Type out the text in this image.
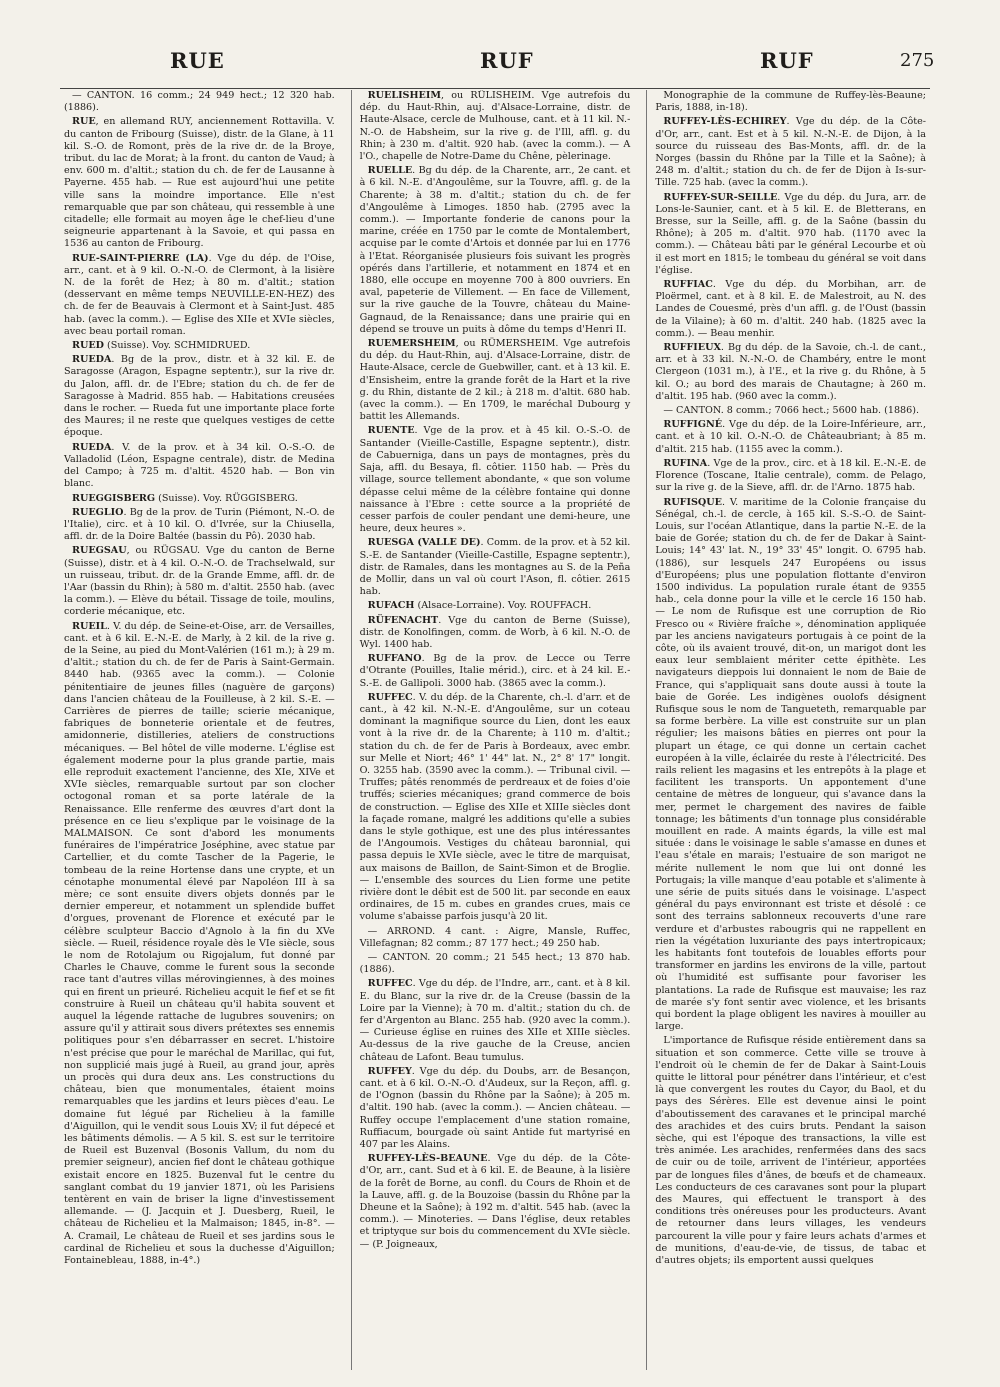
RUE	RUF	RUF	275

— CANTON. 16 comm.; 24 949 hect.; 12 320 hab. (1886).

RUE, en allemand RUY, anciennement Rottavilla. V. du canton de Fribourg (Suisse), distr. de la Glane, à 11 kil. S.-O. de Romont, près de la rive dr. de la Broye, tribut. du lac de Morat; à la front. du canton de Vaud; à env. 600 m. d'altit.; station du ch. de fer de Lausanne à Payerne. 455 hab. — Rue est aujourd'hui une petite ville sans la moindre importance. Elle n'est remarquable que par son château, qui ressemble à une citadelle; elle formait au moyen âge le chef-lieu d'une seigneurie appartenant à la Savoie, et qui passa en 1536 au canton de Fribourg.

RUE-SAINT-PIERRE (LA). Vge du dép. de l'Oise, arr., cant. et à 9 kil. O.-N.-O. de Clermont, à la lisière N. de la forêt de Hez; à 80 m. d'altit.; station (desservant en même temps NEUVILLE-EN-HEZ) des ch. de fer de Beauvais à Clermont et à Saint-Just. 485 hab. (avec la comm.). — Eglise des XIIe et XVIe siècles, avec beau portail roman.

RUED (Suisse). Voy. SCHMIDRUED.

RUEDA. Bg de la prov., distr. et à 32 kil. E. de Saragosse (Aragon, Espagne septentr.), sur la rive dr. du Jalon, affl. dr. de l'Ebre; station du ch. de fer de Saragosse à Madrid. 855 hab. — Habitations creusées dans le rocher. — Rueda fut une importante place forte des Maures; il ne reste que quelques vestiges de cette époque.

RUEDA. V. de la prov. et à 34 kil. O.-S.-O. de Valladolid (Léon, Espagne centrale), distr. de Medina del Campo; à 725 m. d'altit. 4520 hab. — Bon vin blanc.

RUEGGISBERG (Suisse). Voy. RÜGGISBERG.

RUEGLIO. Bg de la prov. de Turin (Piémont, N.-O. de l'Italie), circ. et à 10 kil. O. d'Ivrée, sur la Chiusella, affl. dr. de la Doire Baltée (bassin du Pô). 2030 hab.

RUEGSAU, ou RÜGSAU. Vge du canton de Berne (Suisse), distr. et à 4 kil. O.-N.-O. de Trachselwald, sur un ruisseau, tribut. dr. de la Grande Emme, affl. dr. de l'Aar (bassin du Rhin); à 580 m. d'altit. 2550 hab. (avec la comm.). — Elève du bétail. Tissage de toile, moulins, corderie mécanique, etc.

RUEIL. V. du dép. de Seine-et-Oise, arr. de Versailles, cant. et à 6 kil. E.-N.-E. de Marly, à 2 kil. de la rive g. de la Seine, au pied du Mont-Valérien (161 m.); à 29 m. d'altit.; station du ch. de fer de Paris à Saint-Germain. 8440 hab. (9365 avec la comm.). — Colonie pénitentiaire de jeunes filles (naguère de garçons) dans l'ancien château de la Fouilleuse, à 2 kil. S.-E. — Carrières de pierres de taille; scierie mécanique, fabriques de bonneterie orientale et de feutres, amidonnerie, distilleries, ateliers de constructions mécaniques. — Bel hôtel de ville moderne. L'église est également moderne pour la plus grande partie, mais elle reproduit exactement l'ancienne, des XIe, XIVe et XVIe siècles, remarquable surtout par son clocher octogonal roman et sa porte latérale de la Renaissance. Elle renferme des œuvres d'art dont la présence en ce lieu s'explique par le voisinage de la MALMAISON. Ce sont d'abord les monuments funéraires de l'impératrice Joséphine, avec statue par Cartellier, et du comte Tascher de la Pagerie, le tombeau de la reine Hortense dans une crypte, et un cénotaphe monumental élevé par Napoléon III à sa mère; ce sont ensuite divers objets donnés par le dernier empereur, et notamment un splendide buffet d'orgues, provenant de Florence et exécuté par le célèbre sculpteur Baccio d'Agnolo à la fin du XVe siècle. — Rueil, résidence royale dès le VIe siècle, sous le nom de Rotolajum ou Rigojalum, fut donné par Charles le Chauve, comme le furent sous la seconde race tant d'autres villas mérovingiennes, à des moines qui en firent un prieuré. Richelieu acquit le fief et se fit construire à Rueil un château qu'il habita souvent et auquel la légende rattache de lugubres souvenirs; on assure qu'il y attirait sous divers prétextes ses ennemis politiques pour s'en débarrasser en secret. L'histoire n'est précise que pour le maréchal de Marillac, qui fut, non supplicié mais jugé à Rueil, au grand jour, après un procès qui dura deux ans. Les constructions du château, bien que monumentales, étaient moins remarquables que les jardins et leurs pièces d'eau. Le domaine fut légué par Richelieu à la famille d'Aiguillon, qui le vendit sous Louis XV; il fut dépecé et les bâtiments démolis. — A 5 kil. S. est sur le territoire de Rueil est Buzenval (Bosonis Vallum, du nom du premier seigneur), ancien fief dont le château gothique existait encore en 1825. Buzenval fut le centre du sanglant combat du 19 janvier 1871, où les Parisiens tentèrent en vain de briser la ligne d'investissement allemande. — (J. Jacquin et J. Duesberg, Rueil, le château de Richelieu et la Malmaison; 1845, in-8°. — A. Cramail, Le château de Rueil et ses jardins sous le cardinal de Richelieu et sous la duchesse d'Aiguillon; Fontainebleau, 1888, in-4°.)

RUELISHEIM, ou RÜLISHEIM. Vge autrefois du dép. du Haut-Rhin, auj. d'Alsace-Lorraine, distr. de Haute-Alsace, cercle de Mulhouse, cant. et à 11 kil. N.-N.-O. de Habsheim, sur la rive g. de l'Ill, affl. g. du Rhin; à 230 m. d'altit. 920 hab. (avec la comm.). — A l'O., chapelle de Notre-Dame du Chêne, pèlerinage.

RUELLE. Bg du dép. de la Charente, arr., 2e cant. et à 6 kil. N.-E. d'Angoulême, sur la Touvre, affl. g. de la Charente; à 38 m. d'altit.; station du ch. de fer d'Angoulême à Limoges. 1850 hab. (2795 avec la comm.). — Importante fonderie de canons pour la marine, créée en 1750 par le comte de Montalembert, acquise par le comte d'Artois et donnée par lui en 1776 à l'Etat. Réorganisée plusieurs fois suivant les progrès opérés dans l'artillerie, et notamment en 1874 et en 1880, elle occupe en moyenne 700 à 800 ouvriers. En aval, papeterie de Villement. — En face de Villement, sur la rive gauche de la Touvre, château du Maine-Gagnaud, de la Renaissance; dans une prairie qui en dépend se trouve un puits à dôme du temps d'Henri II.

RUEMERSHEIM, ou RÜMERSHEIM. Vge autrefois du dép. du Haut-Rhin, auj. d'Alsace-Lorraine, distr. de Haute-Alsace, cercle de Guebwiller, cant. et à 13 kil. E. d'Ensisheim, entre la grande forêt de la Hart et la rive g. du Rhin, distante de 2 kil.; à 218 m. d'altit. 680 hab. (avec la comm.). — En 1709, le maréchal Dubourg y battit les Allemands.

RUENTE. Vge de la prov. et à 45 kil. O.-S.-O. de Santander (Vieille-Castille, Espagne septentr.), distr. de Cabuerniga, dans un pays de montagnes, près du Saja, affl. du Besaya, fl. côtier. 1150 hab. — Près du village, source tellement abondante, « que son volume dépasse celui même de la célèbre fontaine qui donne naissance à l'Ebre : cette source a la propriété de cesser parfois de couler pendant une demi-heure, une heure, deux heures ».

RUESGA (VALLE DE). Comm. de la prov. et à 52 kil. S.-E. de Santander (Vieille-Castille, Espagne septentr.), distr. de Ramales, dans les montagnes au S. de la Peña de Mollir, dans un val où court l'Ason, fl. côtier. 2615 hab.

RUFACH (Alsace-Lorraine). Voy. ROUFFACH.

RÜFENACHT. Vge du canton de Berne (Suisse), distr. de Konolfingen, comm. de Worb, à 6 kil. N.-O. de Wyl. 1400 hab.

RUFFANO. Bg de la prov. de Lecce ou Terre d'Otrante (Pouilles, Italie mérid.), circ. et à 24 kil. E.-S.-E. de Gallipoli. 3000 hab. (3865 avec la comm.).

RUFFEC. V. du dép. de la Charente, ch.-l. d'arr. et de cant., à 42 kil. N.-N.-E. d'Angoulême, sur un coteau dominant la magnifique source du Lien, dont les eaux vont à la rive dr. de la Charente; à 110 m. d'altit.; station du ch. de fer de Paris à Bordeaux, avec embr. sur Melle et Niort; 46° 1' 44" lat. N., 2° 8' 17" longit. O. 3255 hab. (3590 avec la comm.). — Tribunal civil. — Truffes; pâtés renommés de perdreaux et de foies d'oie truffés; scieries mécaniques; grand commerce de bois de construction. — Eglise des XIIe et XIIIe siècles dont la façade romane, malgré les additions qu'elle a subies dans le style gothique, est une des plus intéressantes de l'Angoumois. Vestiges du château baronnial, qui passa depuis le XVIe siècle, avec le titre de marquisat, aux maisons de Baillon, de Saint-Simon et de Broglie. — L'ensemble des sources du Lien forme une petite rivière dont le débit est de 500 lit. par seconde en eaux ordinaires, de 15 m. cubes en grandes crues, mais ce volume s'abaisse parfois jusqu'à 20 lit.

— ARROND. 4 cant. : Aigre, Mansle, Ruffec, Villefagnan; 82 comm.; 87 177 hect.; 49 250 hab.

— CANTON. 20 comm.; 21 545 hect.; 13 870 hab. (1886).

RUFFEC. Vge du dép. de l'Indre, arr., cant. et à 8 kil. E. du Blanc, sur la rive dr. de la Creuse (bassin de la Loire par la Vienne); à 70 m. d'altit.; station du ch. de fer d'Argenton au Blanc. 255 hab. (920 avec la comm.). — Curieuse église en ruines des XIIe et XIIIe siècles. Au-dessus de la rive gauche de la Creuse, ancien château de Lafont. Beau tumulus.

RUFFEY. Vge du dép. du Doubs, arr. de Besançon, cant. et à 6 kil. O.-N.-O. d'Audeux, sur la Reçon, affl. g. de l'Ognon (bassin du Rhône par la Saône); à 205 m. d'altit. 190 hab. (avec la comm.). — Ancien château. — Ruffey occupe l'emplacement d'une station romaine, Ruffiacum, bourgade où saint Antide fut martyrisé en 407 par les Alains.

RUFFEY-LÈS-BEAUNE. Vge du dép. de la Côte-d'Or, arr., cant. Sud et à 6 kil. E. de Beaune, à la lisière de la forêt de Borne, au confl. du Cours de Rhoin et de la Lauve, affl. g. de la Bouzoise (bassin du Rhône par la Dheune et la Saône); à 192 m. d'altit. 545 hab. (avec la comm.). — Minoteries. — Dans l'église, deux retables et triptyque sur bois du commencement du XVIe siècle. — (P. Joigneaux,

Monographie de la commune de Ruffey-lès-Beaune; Paris, 1888, in-18).

RUFFEY-LÈS-ECHIREY. Vge du dép. de la Côte-d'Or, arr., cant. Est et à 5 kil. N.-N.-E. de Dijon, à la source du ruisseau des Bas-Monts, affl. dr. de la Norges (bassin du Rhône par la Tille et la Saône); à 248 m. d'altit.; station du ch. de fer de Dijon à Is-sur-Tille. 725 hab. (avec la comm.).

RUFFEY-SUR-SEILLE. Vge du dép. du Jura, arr. de Lons-le-Saunier, cant. et à 5 kil. E. de Bletterans, en Bresse, sur la Seille, affl. g. de la Saône (bassin du Rhône); à 205 m. d'altit. 970 hab. (1170 avec la comm.). — Château bâti par le général Lecourbe et où il est mort en 1815; le tombeau du général se voit dans l'église.

RUFFIAC. Vge du dép. du Morbihan, arr. de Ploërmel, cant. et à 8 kil. E. de Malestroit, au N. des Landes de Couesmé, près d'un affl. g. de l'Oust (bassin de la Vilaine); à 60 m. d'altit. 240 hab. (1825 avec la comm.). — Beau menhir.

RUFFIEUX. Bg du dép. de la Savoie, ch.-l. de cant., arr. et à 33 kil. N.-N.-O. de Chambéry, entre le mont Clergeon (1031 m.), à l'E., et la rive g. du Rhône, à 5 kil. O.; au bord des marais de Chautagne; à 260 m. d'altit. 195 hab. (960 avec la comm.).

— CANTON. 8 comm.; 7066 hect.; 5600 hab. (1886).

RUFFIGNÉ. Vge du dép. de la Loire-Inférieure, arr., cant. et à 10 kil. O.-N.-O. de Châteaubriant; à 85 m. d'altit. 215 hab. (1155 avec la comm.).

RUFINA. Vge de la prov., circ. et à 18 kil. E.-N.-E. de Florence (Toscane, Italie centrale), comm. de Pelago, sur la rive g. de la Sieve, affl. dr. de l'Arno. 1875 hab.

RUFISQUE. V. maritime de la Colonie française du Sénégal, ch.-l. de cercle, à 165 kil. S.-S.-O. de Saint-Louis, sur l'océan Atlantique, dans la partie N.-E. de la baie de Gorée; station du ch. de fer de Dakar à Saint-Louis; 14° 43' lat. N., 19° 33' 45" longit. O. 6795 hab. (1886), sur lesquels 247 Européens ou issus d'Européens; plus une population flottante d'environ 1500 individus. La population rurale étant de 9355 hab., cela donne pour la ville et le cercle 16 150 hab. — Le nom de Rufisque est une corruption de Rio Fresco ou « Rivière fraîche », dénomination appliquée par les anciens navigateurs portugais à ce point de la côte, où ils avaient trouvé, dit-on, un marigot dont les eaux leur semblaient mériter cette épithète. Les navigateurs dieppois lui donnaient le nom de Baie de France, qui s'appliquait sans doute aussi à toute la baie de Gorée. Les indigènes ouolofs désignent Rufisque sous le nom de Tangueteth, remarquable par sa forme berbère. La ville est construite sur un plan régulier; les maisons bâties en pierres ont pour la plupart un étage, ce qui donne un certain cachet européen à la ville, éclairée du reste à l'électricité. Des rails relient les magasins et les entrepôts à la plage et facilitent les transports. Un appontement d'une centaine de mètres de longueur, qui s'avance dans la mer, permet le chargement des navires de faible tonnage; les bâtiments d'un tonnage plus considérable mouillent en rade. A maints égards, la ville est mal située : dans le voisinage le sable s'amasse en dunes et l'eau s'étale en marais; l'estuaire de son marigot ne mérite nullement le nom que lui ont donné les Portugais; la ville manque d'eau potable et s'alimente à une série de puits situés dans le voisinage. L'aspect général du pays environnant est triste et désolé : ce sont des terrains sablonneux recouverts d'une rare verdure et d'arbustes rabougris qui ne rappellent en rien la végétation luxuriante des pays intertropicaux; les habitants font toutefois de louables efforts pour transformer en jardins les environs de la ville, partout où l'humidité est suffisante pour favoriser les plantations. La rade de Rufisque est mauvaise; les raz de marée s'y font sentir avec violence, et les brisants qui bordent la plage obligent les navires à mouiller au large.

L'importance de Rufisque réside entièrement dans sa situation et son commerce. Cette ville se trouve à l'endroit où le chemin de fer de Dakar à Saint-Louis quitte le littoral pour pénétrer dans l'intérieur, et c'est là que convergent les routes du Cayor, du Baol, et du pays des Sérères. Elle est devenue ainsi le point d'aboutissement des caravanes et le principal marché des arachides et des cuirs bruts. Pendant la saison sèche, qui est l'époque des transactions, la ville est très animée. Les arachides, renfermées dans des sacs de cuir ou de toile, arrivent de l'intérieur, apportées par de longues files d'ânes, de bœufs et de chameaux. Les conducteurs de ces caravanes sont pour la plupart des Maures, qui effectuent le transport à des conditions très onéreuses pour les producteurs. Avant de retourner dans leurs villages, les vendeurs parcourent la ville pour y faire leurs achats d'armes et de munitions, d'eau-de-vie, de tissus, de tabac et d'autres objets; ils emportent aussi quelques
